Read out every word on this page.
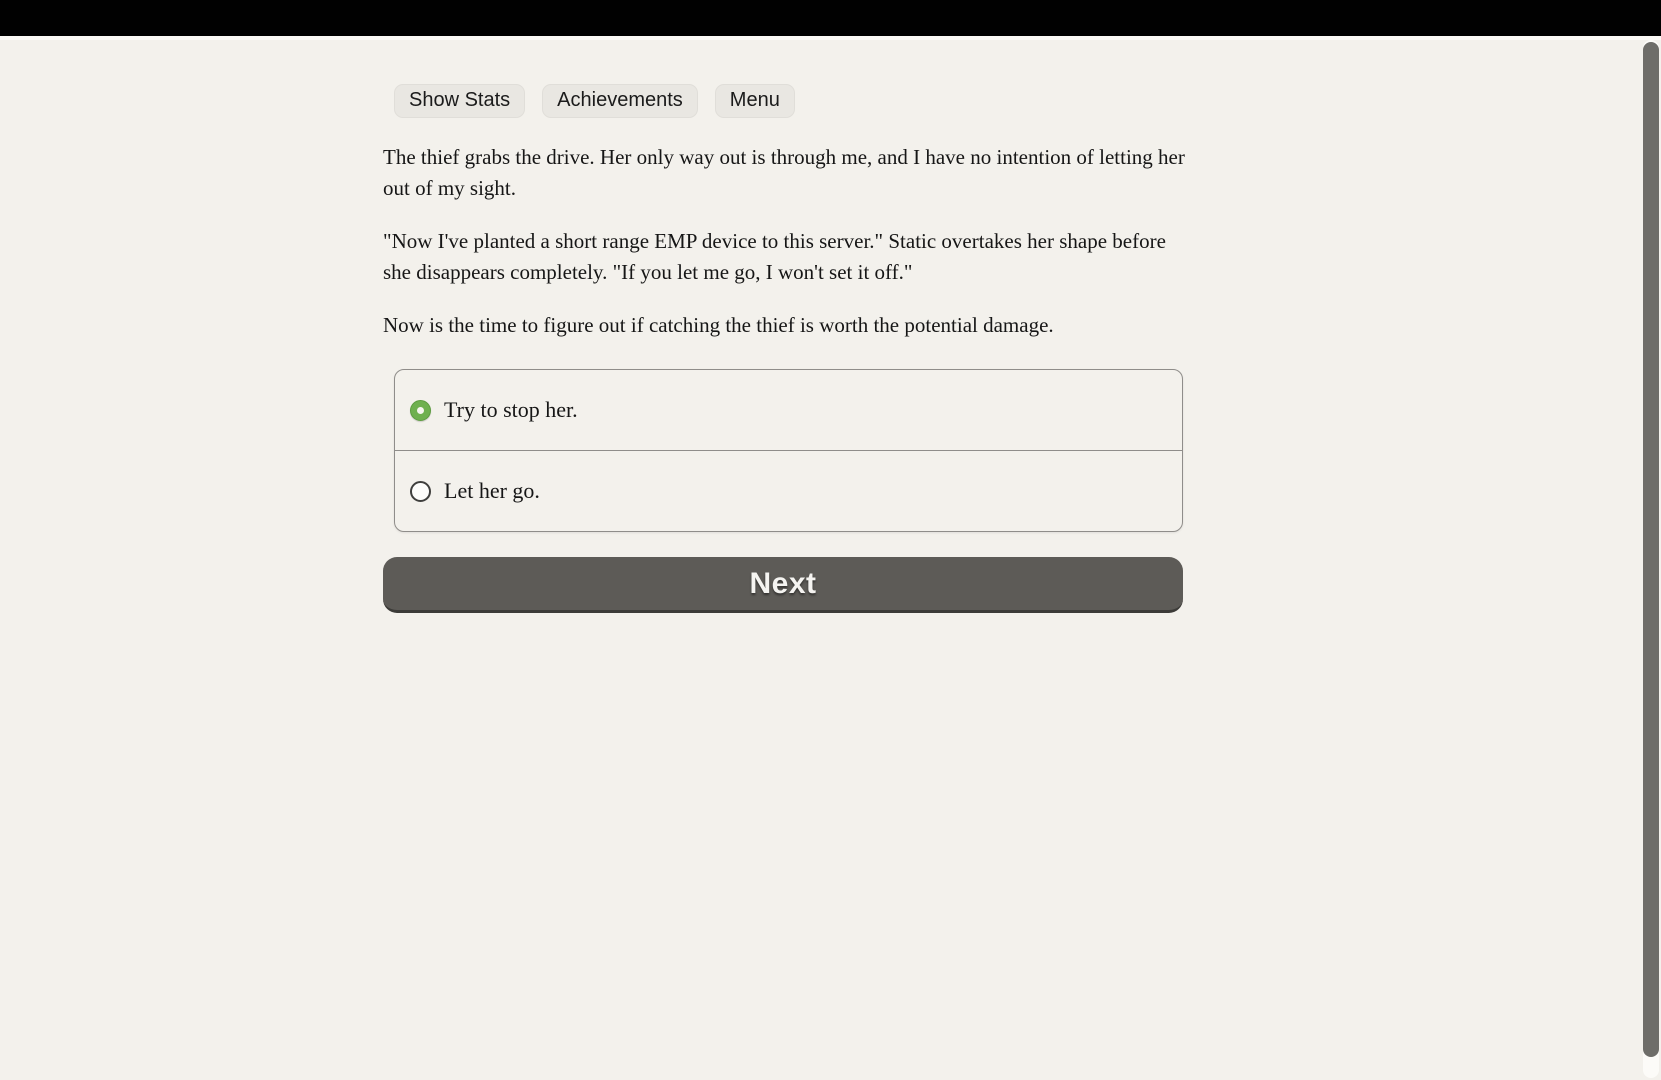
Show Stats	Achievements	Menu

The thief grabs the drive. Her only way out is through me, and I have no intention of letting her out of my sight.

"Now I've planted a short range EMP device to this server." Static overtakes her shape before she disappears completely. "If you let me go, I won't set it off."

Now is the time to figure out if catching the thief is worth the potential damage.

Try to stop her.
Let her go.
Next
